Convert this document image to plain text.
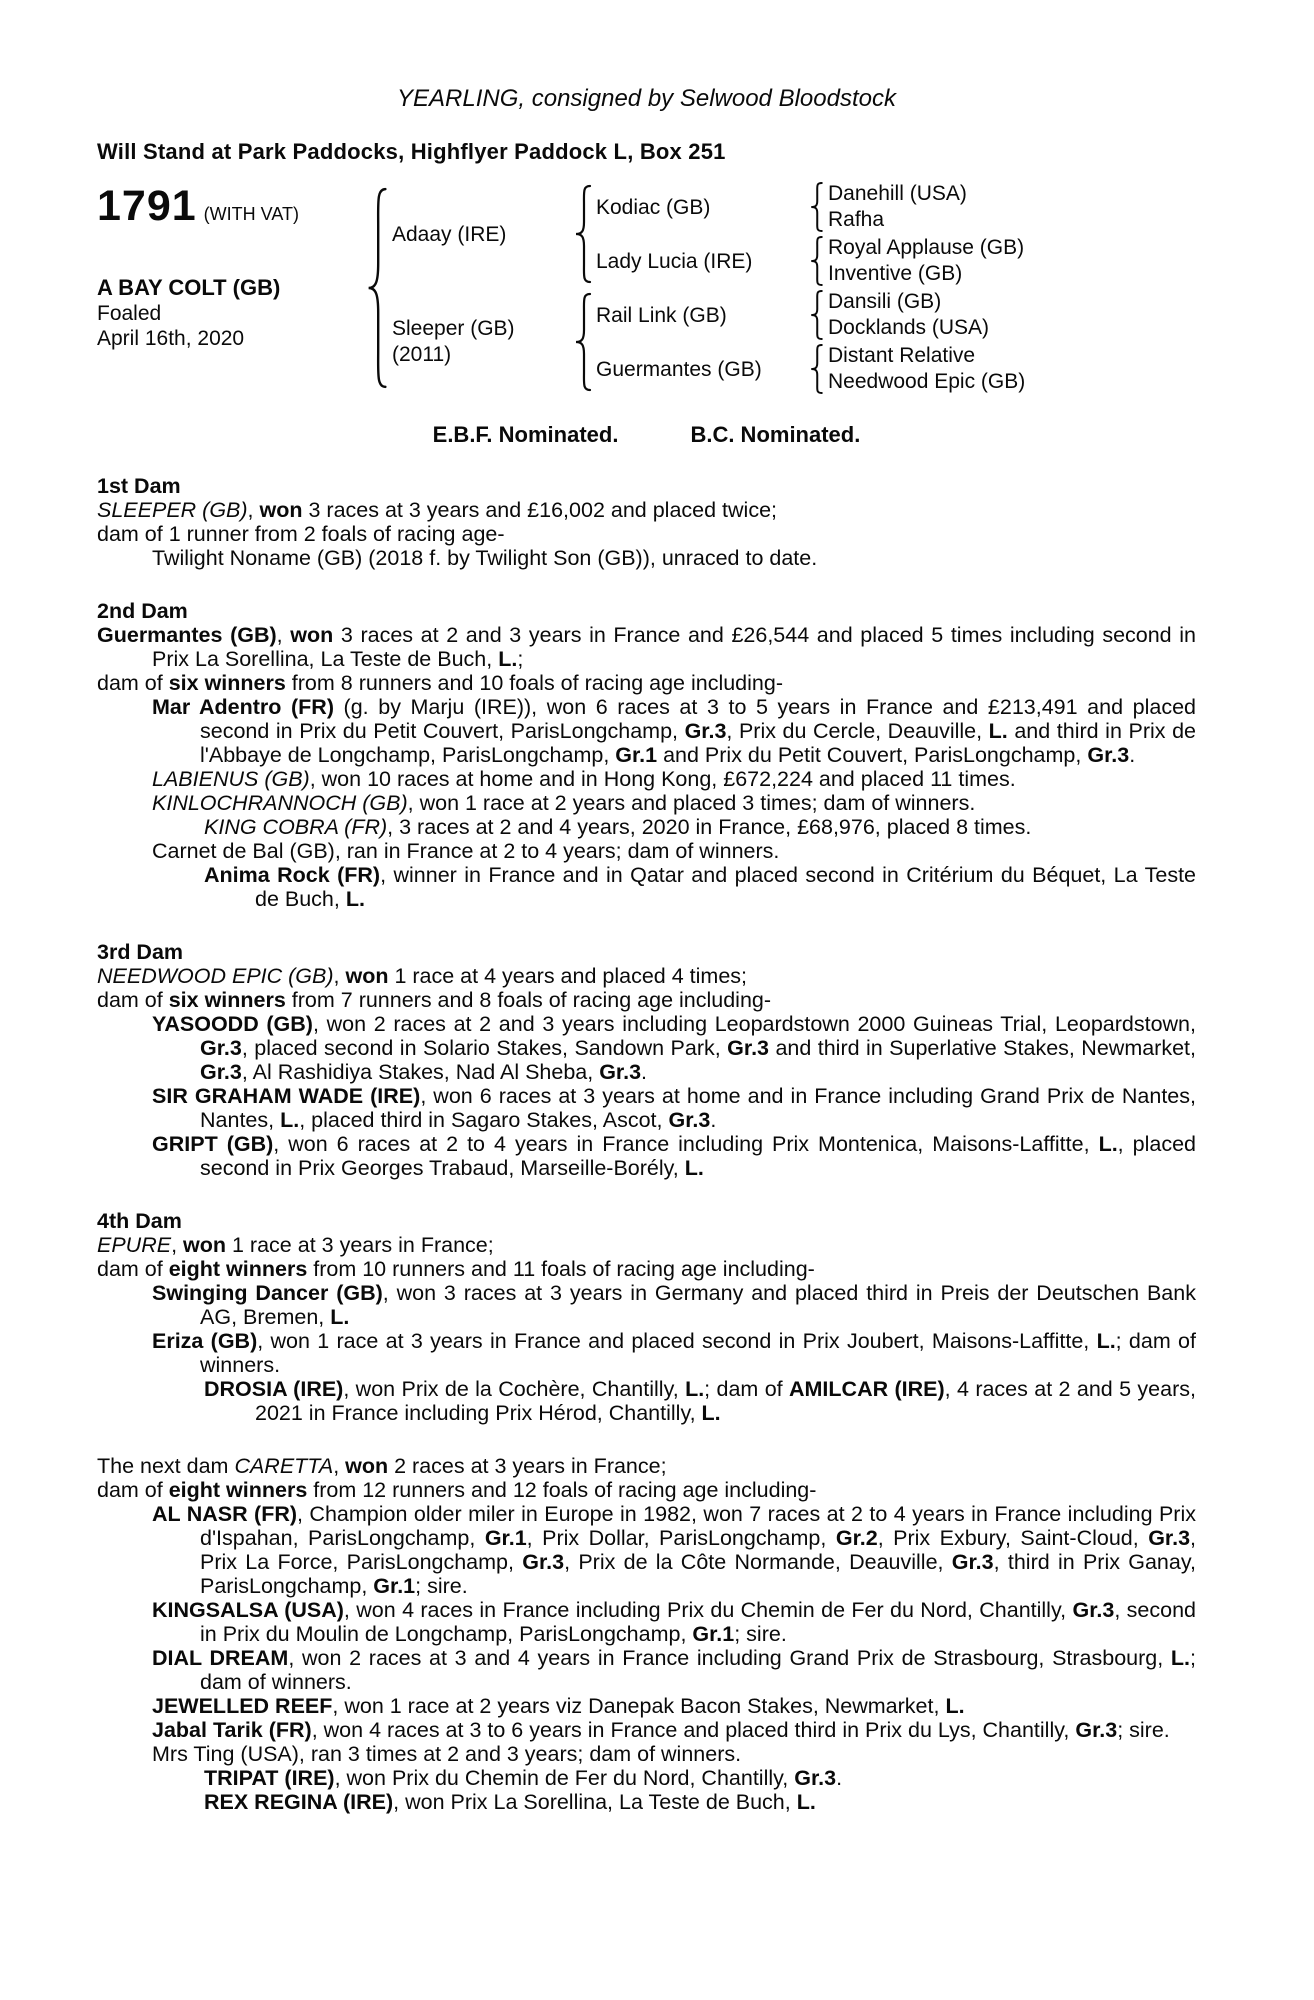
YEARLING, consigned by Selwood Bloodstock
Will Stand at Park Paddocks, Highflyer Paddock L, Box 251
1791 (WITH VAT)
A BAY COLT (GB)
Foaled
April 16th, 2020
Adaay (IRE)
Sleeper (GB)
(2011)
Kodiac (GB)
Lady Lucia (IRE)
Rail Link (GB)
Guermantes (GB)
Danehill (USA)
Rafha
Royal Applause (GB)
Inventive (GB)
Dansili (GB)
Docklands (USA)
Distant Relative
Needwood Epic (GB)
E.B.F. Nominated.	B.C. Nominated.
1st Dam
SLEEPER (GB), won 3 races at 3 years and £16,002 and placed twice;
dam of 1 runner from 2 foals of racing age-
Twilight Noname (GB) (2018 f. by Twilight Son (GB)), unraced to date.
2nd Dam
Guermantes (GB), won 3 races at 2 and 3 years in France and £26,544 and placed 5 times including second in Prix La Sorellina, La Teste de Buch, L.;
dam of six winners from 8 runners and 10 foals of racing age including-
Mar Adentro (FR) (g. by Marju (IRE)), won 6 races at 3 to 5 years in France and £213,491 and placed second in Prix du Petit Couvert, ParisLongchamp, Gr.3, Prix du Cercle, Deauville, L. and third in Prix de l'Abbaye de Longchamp, ParisLongchamp, Gr.1 and Prix du Petit Couvert, ParisLongchamp, Gr.3.
LABIENUS (GB), won 10 races at home and in Hong Kong, £672,224 and placed 11 times.
KINLOCHRANNOCH (GB), won 1 race at 2 years and placed 3 times; dam of winners.
KING COBRA (FR), 3 races at 2 and 4 years, 2020 in France, £68,976, placed 8 times.
Carnet de Bal (GB), ran in France at 2 to 4 years; dam of winners.
Anima Rock (FR), winner in France and in Qatar and placed second in Critérium du Béquet, La Teste de Buch, L.
3rd Dam
NEEDWOOD EPIC (GB), won 1 race at 4 years and placed 4 times;
dam of six winners from 7 runners and 8 foals of racing age including-
YASOODD (GB), won 2 races at 2 and 3 years including Leopardstown 2000 Guineas Trial, Leopardstown, Gr.3, placed second in Solario Stakes, Sandown Park, Gr.3 and third in Superlative Stakes, Newmarket, Gr.3, Al Rashidiya Stakes, Nad Al Sheba, Gr.3.
SIR GRAHAM WADE (IRE), won 6 races at 3 years at home and in France including Grand Prix de Nantes, Nantes, L., placed third in Sagaro Stakes, Ascot, Gr.3.
GRIPT (GB), won 6 races at 2 to 4 years in France including Prix Montenica, Maisons-Laffitte, L., placed second in Prix Georges Trabaud, Marseille-Borély, L.
4th Dam
EPURE, won 1 race at 3 years in France;
dam of eight winners from 10 runners and 11 foals of racing age including-
Swinging Dancer (GB), won 3 races at 3 years in Germany and placed third in Preis der Deutschen Bank AG, Bremen, L.
Eriza (GB), won 1 race at 3 years in France and placed second in Prix Joubert, Maisons-Laffitte, L.; dam of winners.
DROSIA (IRE), won Prix de la Cochère, Chantilly, L.; dam of AMILCAR (IRE), 4 races at 2 and 5 years, 2021 in France including Prix Hérod, Chantilly, L.
The next dam CARETTA, won 2 races at 3 years in France;
dam of eight winners from 12 runners and 12 foals of racing age including-
AL NASR (FR), Champion older miler in Europe in 1982, won 7 races at 2 to 4 years in France including Prix d'Ispahan, ParisLongchamp, Gr.1, Prix Dollar, ParisLongchamp, Gr.2, Prix Exbury, Saint-Cloud, Gr.3, Prix La Force, ParisLongchamp, Gr.3, Prix de la Côte Normande, Deauville, Gr.3, third in Prix Ganay, ParisLongchamp, Gr.1; sire.
KINGSALSA (USA), won 4 races in France including Prix du Chemin de Fer du Nord, Chantilly, Gr.3, second in Prix du Moulin de Longchamp, ParisLongchamp, Gr.1; sire.
DIAL DREAM, won 2 races at 3 and 4 years in France including Grand Prix de Strasbourg, Strasbourg, L.; dam of winners.
JEWELLED REEF, won 1 race at 2 years viz Danepak Bacon Stakes, Newmarket, L.
Jabal Tarik (FR), won 4 races at 3 to 6 years in France and placed third in Prix du Lys, Chantilly, Gr.3; sire.
Mrs Ting (USA), ran 3 times at 2 and 3 years; dam of winners.
TRIPAT (IRE), won Prix du Chemin de Fer du Nord, Chantilly, Gr.3.
REX REGINA (IRE), won Prix La Sorellina, La Teste de Buch, L.
